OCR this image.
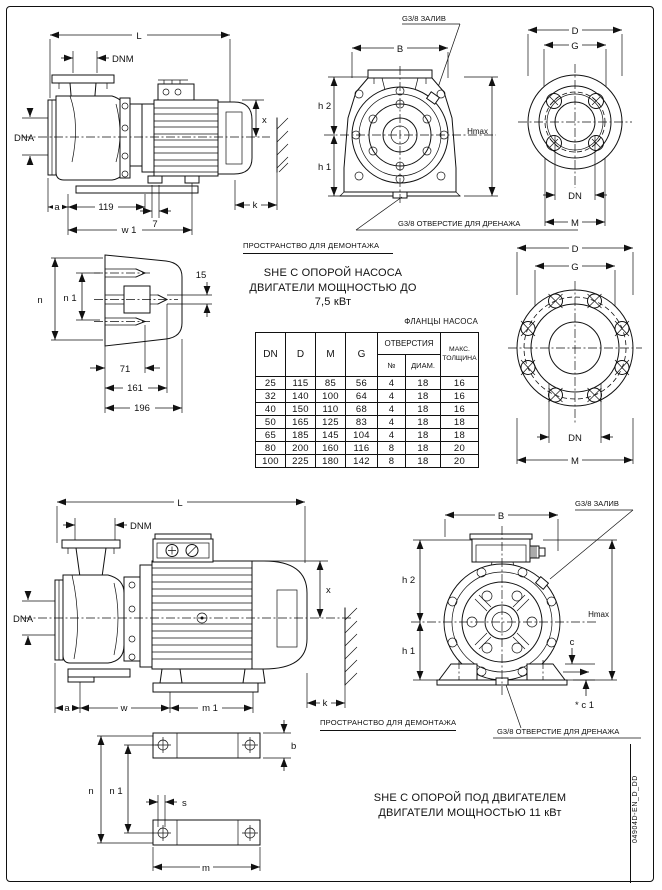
L
DNM
DNA
x
k
a	119
7
w 1
G3/8 ЗАЛИВ
B
h 2
h 1
Hmax
G3/8 ОТВЕРСТИЕ ДЛЯ ДРЕНАЖА
D
G
DN
M
n n 1
15
71
161
196
D
G
DN
M
L
DNM
DNA
x
k
a	w	m 1
b
n n 1
s
m
G3/8 ЗАЛИВ
B
h 2
h 1
Hmax
c
* c 1
G3/8 ОТВЕРСТИЕ ДЛЯ ДРЕНАЖА
ПРОСТРАНСТВО ДЛЯ ДЕМОНТАЖА
SHE С ОПОРОЙ НАСОСА
ДВИГАТЕЛИ МОЩНОСТЬЮ ДО
7,5 кВт
ФЛАНЦЫ НАСОСА
DN	D	M	G	ОТВЕРСТИЯ		МАКС.
ТОЛЩИНА

				№	ДИАМ.	
25	115	85	56	4	18	16
32	140	100	64	4	18	16
40	150	110	68	4	18	16
50	165	125	83	4	18	18
65	185	145	104	4	18	18
80	200	160	116	8	18	20
100	225	180	142	8	18	20
ПРОСТРАНСТВО ДЛЯ ДЕМОНТАЖА
SHE С ОПОРОЙ ПОД ДВИГАТЕЛЕМ
ДВИГАТЕЛИ МОЩНОСТЬЮ 11 кВт	04904D-EN_D_DD
